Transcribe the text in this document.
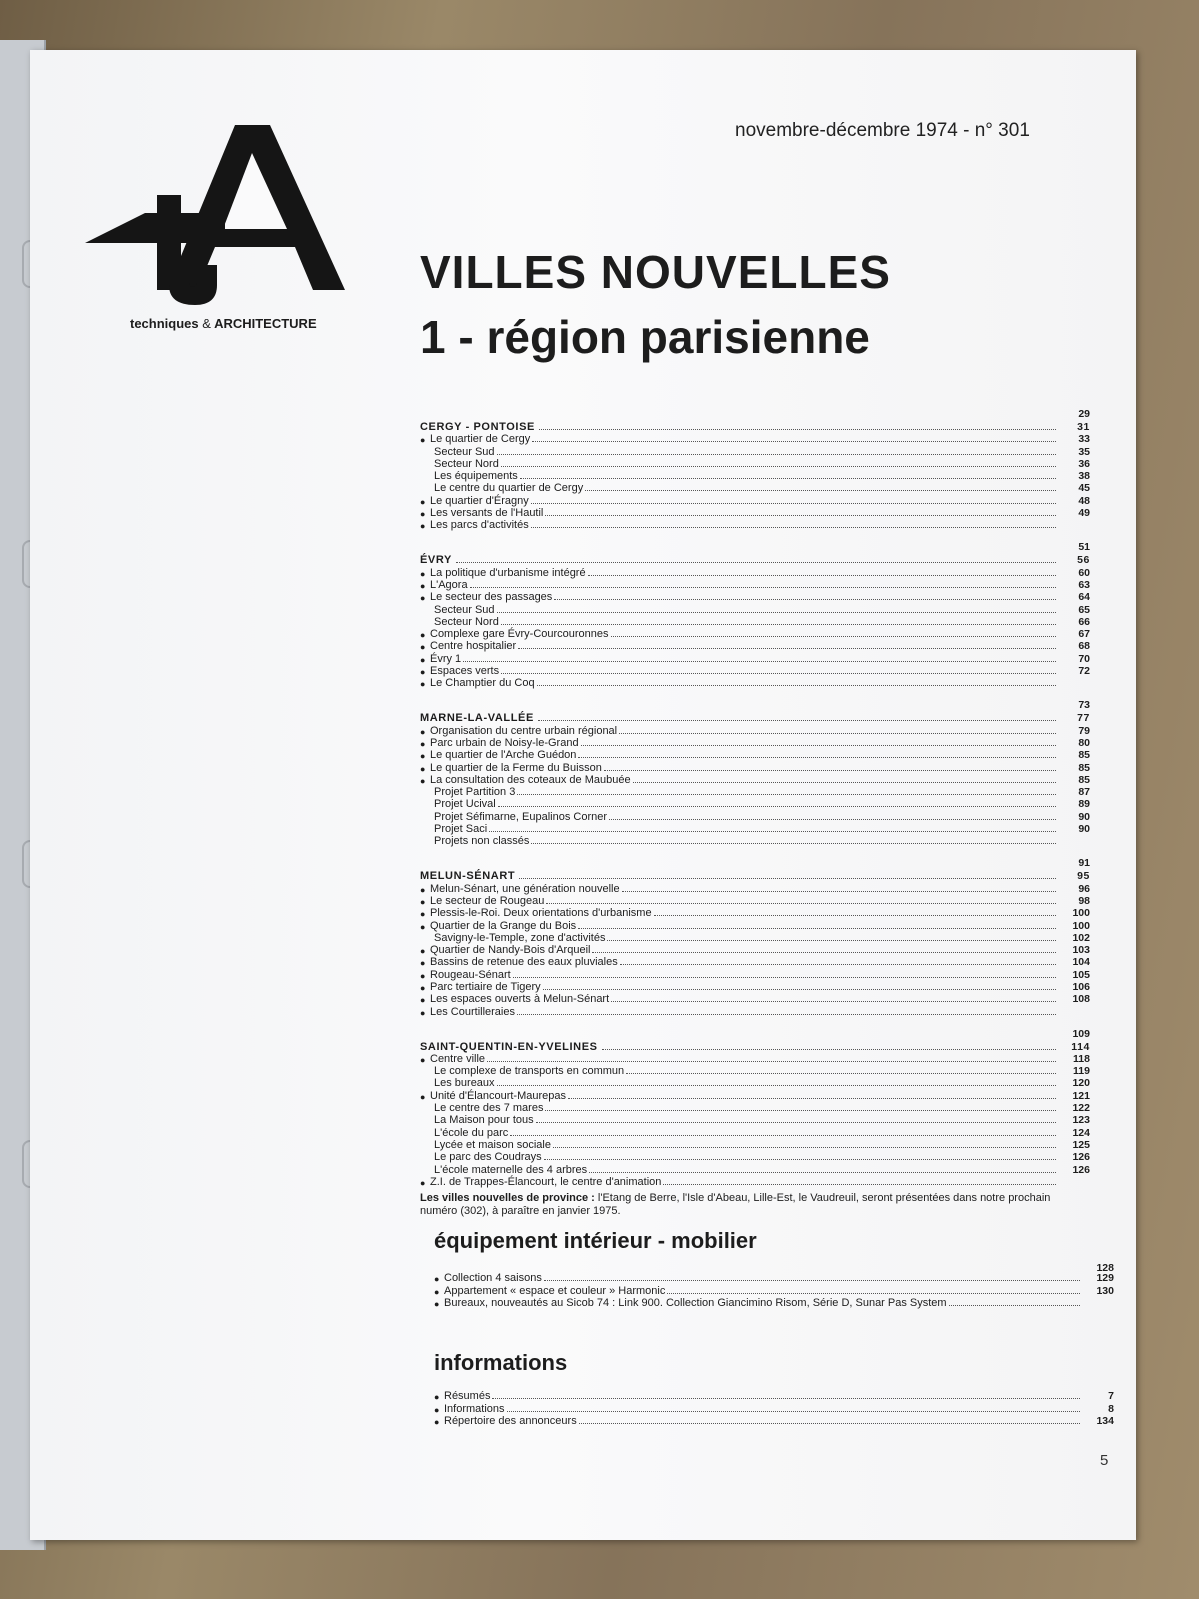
novembre-décembre 1974 - n° 301
techniques & ARCHITECTURE
VILLES NOUVELLES
1 - région parisienne
29
CERGY - PONTOISE	31
● Le quartier de Cergy	33
Secteur Sud	35
Secteur Nord	36
Les équipements	38
Le centre du quartier de Cergy	45
● Le quartier d'Éragny	48
● Les versants de l'Hautil	49
● Les parcs d'activités
51
ÉVRY	56
● La politique d'urbanisme intégré	60
● L'Agora	63
● Le secteur des passages	64
Secteur Sud	65
Secteur Nord	66
● Complexe gare Évry-Courcouronnes	67
● Centre hospitalier	68
● Évry 1	70
● Espaces verts	72
● Le Champtier du Coq
73
MARNE-LA-VALLÉE	77
● Organisation du centre urbain régional	79
● Parc urbain de Noisy-le-Grand	80
● Le quartier de l'Arche Guédon	85
● Le quartier de la Ferme du Buisson	85
● La consultation des coteaux de Maubuée	85
Projet Partition 3	87
Projet Ucival	89
Projet Séfimarne, Eupalinos Corner	90
Projet Saci	90
Projets non classés
91
MELUN-SÉNART	95
● Melun-Sénart, une génération nouvelle	96
● Le secteur de Rougeau	98
● Plessis-le-Roi. Deux orientations d'urbanisme	100
● Quartier de la Grange du Bois	100
Savigny-le-Temple, zone d'activités	102
● Quartier de Nandy-Bois d'Arqueil	103
● Bassins de retenue des eaux pluviales	104
● Rougeau-Sénart	105
● Parc tertiaire de Tigery	106
● Les espaces ouverts à Melun-Sénart	108
● Les Courtilleraies
109
SAINT-QUENTIN-EN-YVELINES	114
● Centre ville	118
Le complexe de transports en commun	119
Les bureaux	120
● Unité d'Élancourt-Maurepas	121
Le centre des 7 mares	122
La Maison pour tous	123
L'école du parc	124
Lycée et maison sociale	125
Le parc des Coudrays	126
L'école maternelle des 4 arbres	126
● Z.I. de Trappes-Élancourt, le centre d'animation
Les villes nouvelles de province : l'Etang de Berre, l'Isle d'Abeau, Lille-Est, le Vaudreuil, seront présentées dans notre prochain numéro (302), à paraître en janvier 1975.
équipement intérieur - mobilier
128
● Collection 4 saisons	129
● Appartement « espace et couleur » Harmonic	130
● Bureaux, nouveautés au Sicob 74 : Link 900. Collection Giancimino Risom, Série D, Sunar Pas System
informations
● Résumés	7
● Informations	8
● Répertoire des annonceurs	134
5
